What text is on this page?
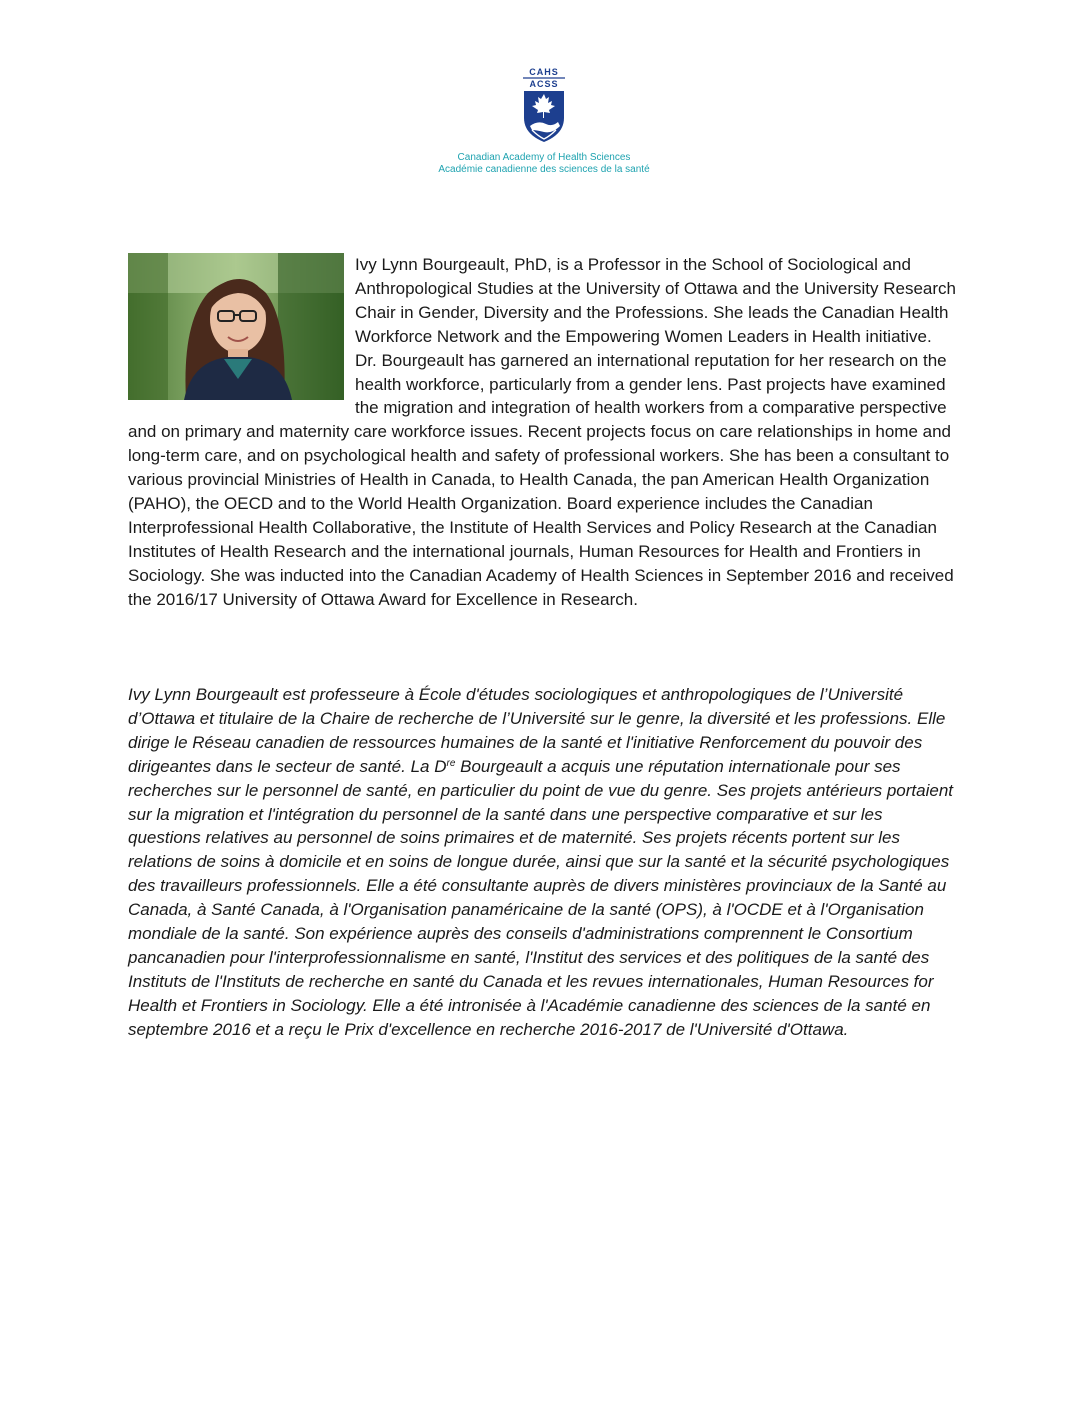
CAHS
ACSS
Canadian Academy of Health Sciences
Académie canadienne des sciences de la santé

Ivy Lynn Bourgeault, PhD, is a Professor in the School of Sociological and Anthropological Studies at the University of Ottawa and the University Research Chair in Gender, Diversity and the Professions. She leads the Canadian Health Workforce Network and the Empowering Women Leaders in Health initiative. Dr. Bourgeault has garnered an international reputation for her research on the health workforce, particularly from a gender lens. Past projects have examined the migration and integration of health workers from a comparative perspective and on primary and maternity care workforce issues. Recent projects focus on care relationships in home and long-term care, and on psychological health and safety of professional workers. She has been a consultant to various provincial Ministries of Health in Canada, to Health Canada, the pan American Health Organization (PAHO), the OECD and to the World Health Organization. Board experience includes the Canadian Interprofessional Health Collaborative, the Institute of Health Services and Policy Research at the Canadian Institutes of Health Research and the international journals, Human Resources for Health and Frontiers in Sociology. She was inducted into the Canadian Academy of Health Sciences in September 2016 and received the 2016/17 University of Ottawa Award for Excellence in Research.

Ivy Lynn Bourgeault est professeure à École d'études sociologiques et anthropologiques de l’Université d’Ottawa et titulaire de la Chaire de recherche de l’Université sur le genre, la diversité et les professions. Elle dirige le Réseau canadien de ressources humaines de la santé et l'initiative Renforcement du pouvoir des dirigeantes dans le secteur de santé. La Dre Bourgeault a acquis une réputation internationale pour ses recherches sur le personnel de santé, en particulier du point de vue du genre. Ses projets antérieurs portaient sur la migration et l'intégration du personnel de la santé dans une perspective comparative et sur les questions relatives au personnel de soins primaires et de maternité. Ses projets récents portent sur les relations de soins à domicile et en soins de longue durée, ainsi que sur la santé et la sécurité psychologiques des travailleurs professionnels. Elle a été consultante auprès de divers ministères provinciaux de la Santé au Canada, à Santé Canada, à l'Organisation panaméricaine de la santé (OPS), à l'OCDE et à l'Organisation mondiale de la santé. Son expérience auprès des conseils d'administrations comprennent le Consortium pancanadien pour l'interprofessionnalisme en santé, l'Institut des services et des politiques de la santé des Instituts de l'Instituts de recherche en santé du Canada et les revues internationales, Human Resources for Health et Frontiers in Sociology. Elle a été intronisée à l'Académie canadienne des sciences de la santé en septembre 2016 et a reçu le Prix d'excellence en recherche 2016-2017 de l'Université d'Ottawa.
